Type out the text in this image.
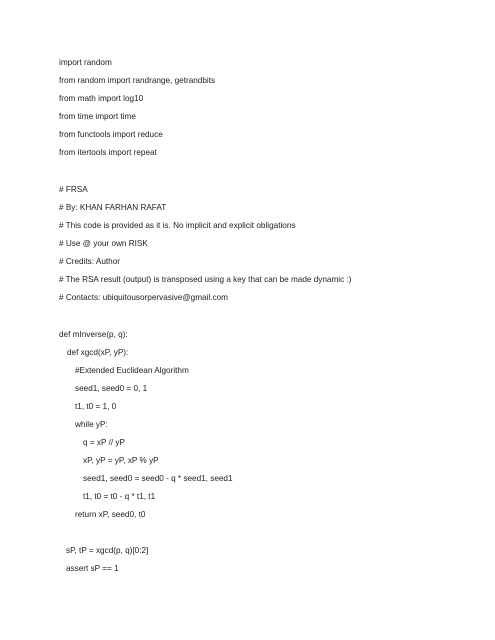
import random
from random import randrange, getrandbits
from math import log10
from time import time
from functools import reduce
from itertools import repeat
# FRSA
# By: KHAN FARHAN RAFAT
# This code is provided as it is. No implicit and explicit obligations
# Use @ your own RISK
# Credits: Author
# The RSA result (output) is transposed using a key that can be made dynamic :)
# Contacts: ubiquitousorpervasive@gmail.com
def mInverse(p, q):
def xgcd(xP, yP):
#Extended Euclidean Algorithm
seed1, seed0 = 0, 1
t1, t0 = 1, 0
while yP:
q = xP // yP
xP, yP = yP, xP % yP
seed1, seed0 = seed0 - q * seed1, seed1
t1, t0 = t0 - q * t1, t1
return xP, seed0, t0
sP, tP = xgcd(p, q)[0:2]
assert sP == 1
